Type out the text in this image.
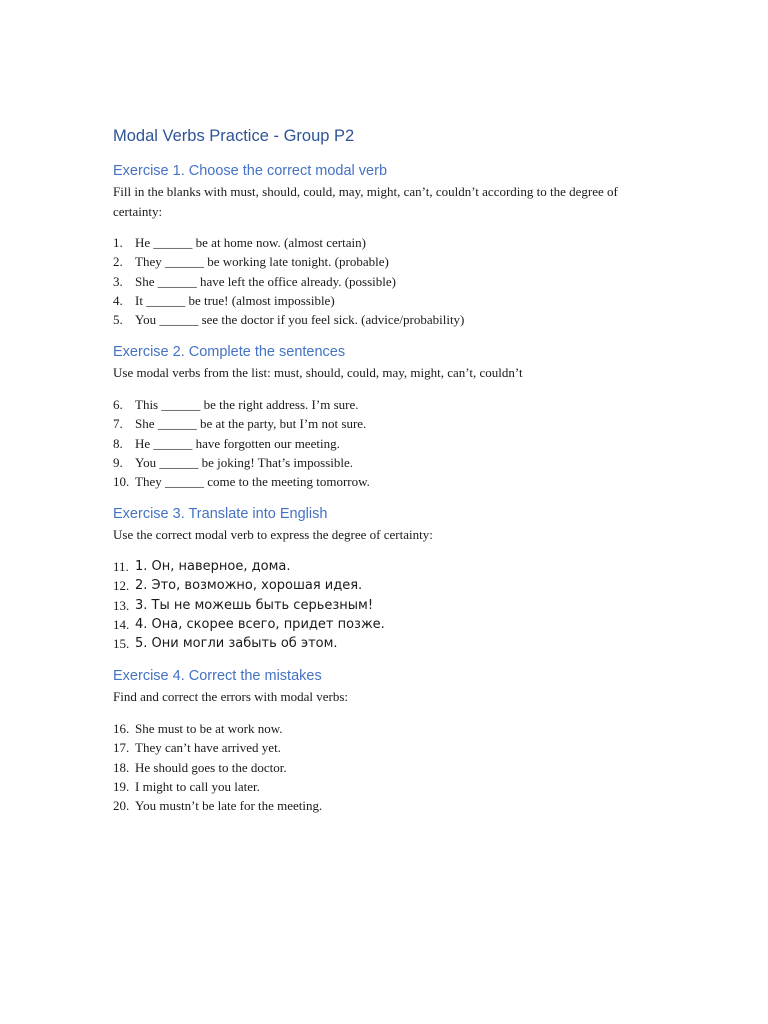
Modal Verbs Practice - Group P2
Exercise 1. Choose the correct modal verb

Fill in the blanks with must, should, could, may, might, can’t, couldn’t according to the degree of certainty:

1. He ______ be at home now. (almost certain)
2. They ______ be working late tonight. (probable)
3. She ______ have left the office already. (possible)
4. It ______ be true! (almost impossible)
5. You ______ see the doctor if you feel sick. (advice/probability)
Exercise 2. Complete the sentences

Use modal verbs from the list: must, should, could, may, might, can’t, couldn’t

6. This ______ be the right address. I’m sure.
7. She ______ be at the party, but I’m not sure.
8. He ______ have forgotten our meeting.
9. You ______ be joking! That’s impossible.
10. They ______ come to the meeting tomorrow.
Exercise 3. Translate into English

Use the correct modal verb to express the degree of certainty:

11. 1. Он, наверное, дома.
12. 2. Это, возможно, хорошая идея.
13. 3. Ты не можешь быть серьезным!
14. 4. Она, скорее всего, придет позже.
15. 5. Они могли забыть об этом.
Exercise 4. Correct the mistakes

Find and correct the errors with modal verbs:

16. She must to be at work now.
17. They can’t have arrived yet.
18. He should goes to the doctor.
19. I might to call you later.
20. You mustn’t be late for the meeting.
